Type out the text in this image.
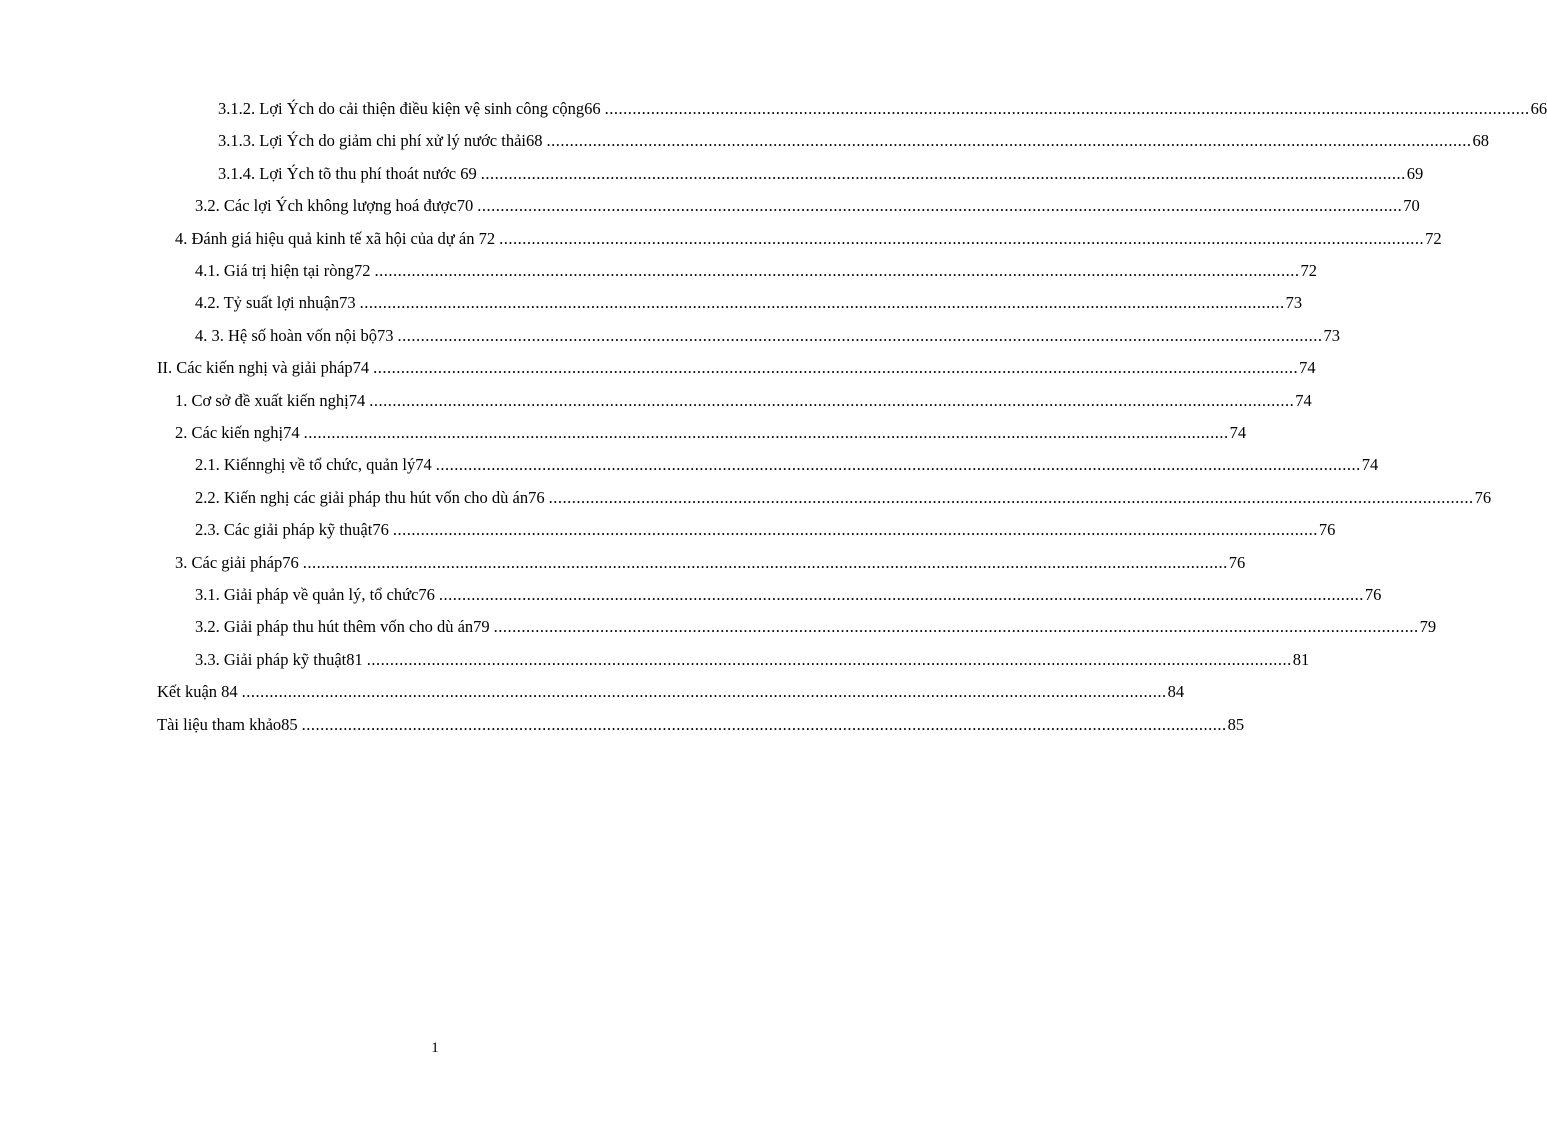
3.1.2. Lợi Ých do cải thiện điều kiện vệ sinh công cộng66 ........................................................................................................................................................................................................ 66
3.1.3. Lợi Ých do giảm chi phí xử lý nước thải68 ........................................................................................................................................................................................................ 68
3.1.4. Lợi Ých tõ thu phí thoát nước 69 ........................................................................................................................................................................................................ 69
3.2. Các lợi Ých không lượng hoá được70 ........................................................................................................................................................................................................ 70
4. Đánh giá hiệu quả kinh tế xã hội của dự án 72 ........................................................................................................................................................................................................ 72
4.1. Giá trị hiện tại ròng72 ........................................................................................................................................................................................................ 72
4.2. Tỷ suất lợi nhuận73 ........................................................................................................................................................................................................ 73
4. 3. Hệ số hoàn vốn nội bộ73 ........................................................................................................................................................................................................ 73
II. Các kiến nghị và giải pháp74 ........................................................................................................................................................................................................ 74
1. Cơ sở đề xuất kiến nghị74 ........................................................................................................................................................................................................ 74
2. Các kiến nghị74 ........................................................................................................................................................................................................ 74
2.1. Kiếnnghị về tổ chức, quản lý74 ........................................................................................................................................................................................................ 74
2.2. Kiến nghị các giải pháp thu hút vốn cho dù án76 ........................................................................................................................................................................................................ 76
2.3. Các giải pháp kỹ thuật76 ........................................................................................................................................................................................................ 76
3. Các giải pháp76 ........................................................................................................................................................................................................ 76
3.1. Giải pháp về quản lý, tổ chức76 ........................................................................................................................................................................................................ 76
3.2. Giải pháp thu hút thêm vốn cho dù án79 ........................................................................................................................................................................................................ 79
3.3. Giải pháp kỹ thuật81 ........................................................................................................................................................................................................ 81
Kết kuận 84 ........................................................................................................................................................................................................ 84
Tài liệu tham khảo85 ........................................................................................................................................................................................................ 85
1
